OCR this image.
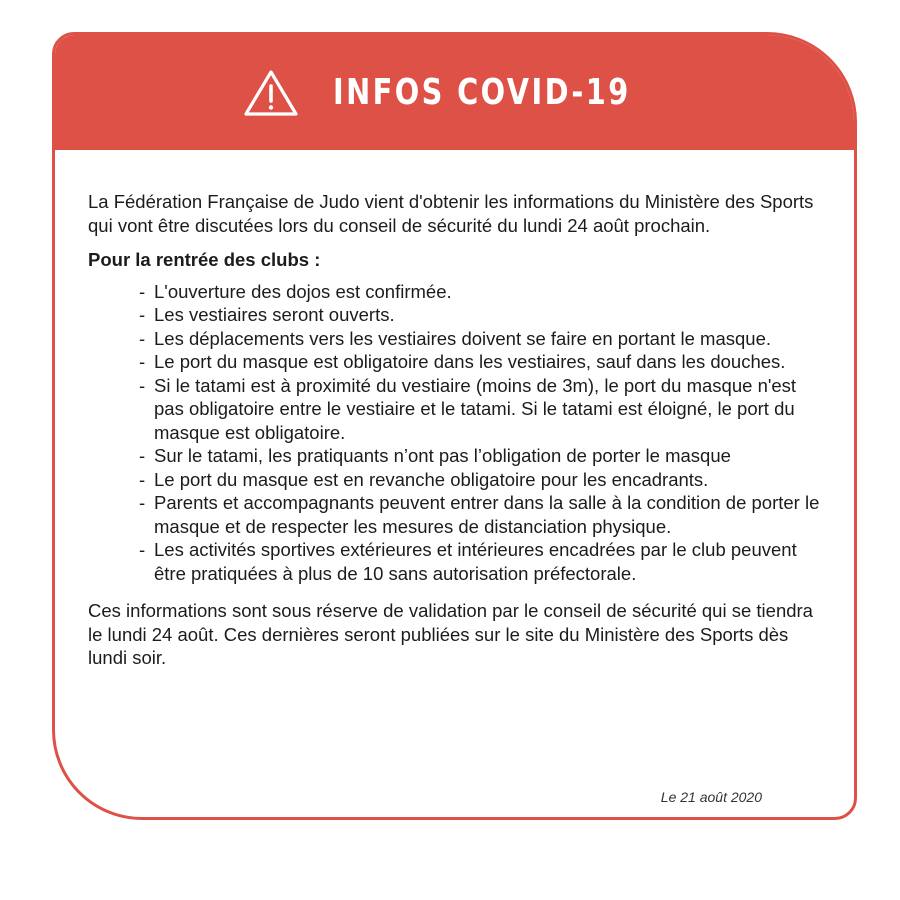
INFOS COVID-19

La Fédération Française de Judo vient d'obtenir les informations du Ministère des Sports qui vont être discutées lors du conseil de sécurité du lundi 24 août prochain.

Pour la rentrée des clubs :

- L'ouverture des dojos est confirmée.
- Les vestiaires seront ouverts.
- Les déplacements vers les vestiaires doivent se faire en portant le masque.
- Le port du masque est obligatoire dans les vestiaires, sauf dans les douches.
- Si le tatami est à proximité du vestiaire (moins de 3m), le port du masque n'est pas obligatoire entre le vestiaire et le tatami. Si le tatami est éloigné, le port du masque est obligatoire.
- Sur le tatami, les pratiquants n’ont pas l’obligation de porter le masque
- Le port du masque est en revanche obligatoire pour les encadrants.
- Parents et accompagnants peuvent entrer dans la salle à la condition de porter le masque et de respecter les mesures de distanciation physique.
- Les activités sportives extérieures et intérieures encadrées par le club peuvent être pratiquées à plus de 10 sans autorisation préfectorale.

Ces informations sont sous réserve de validation par le conseil de sécurité qui se tiendra le lundi 24 août. Ces dernières seront publiées sur le site du Ministère des Sports dès lundi soir.

Le 21 août 2020
